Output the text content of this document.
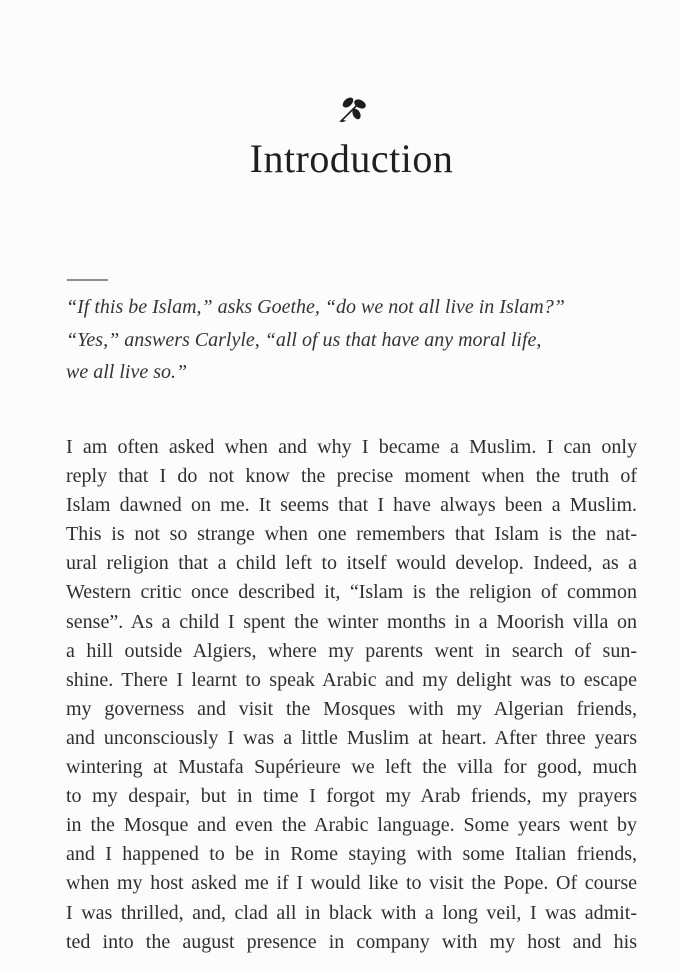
Introduction
“If this be Islam,” asks Goethe, “do we not all live in Islam?”
“Yes,” answers Carlyle, “all of us that have any moral life,
we all live so.”
I am often asked when and why I became a Muslim. I can only
reply that I do not know the precise moment when the truth of
Islam dawned on me. It seems that I have always been a Muslim.
This is not so strange when one remembers that Islam is the nat-
ural religion that a child left to itself would develop. Indeed, as a
Western critic once described it, “Islam is the religion of common
sense”. As a child I spent the winter months in a Moorish villa on
a hill outside Algiers, where my parents went in search of sun-
shine. There I learnt to speak Arabic and my delight was to escape
my governess and visit the Mosques with my Algerian friends,
and unconsciously I was a little Muslim at heart. After three years
wintering at Mustafa Supérieure we left the villa for good, much
to my despair, but in time I forgot my Arab friends, my prayers
in the Mosque and even the Arabic language. Some years went by
and I happened to be in Rome staying with some Italian friends,
when my host asked me if I would like to visit the Pope. Of course
I was thrilled, and, clad all in black with a long veil, I was admit-
ted into the august presence in company with my host and his
